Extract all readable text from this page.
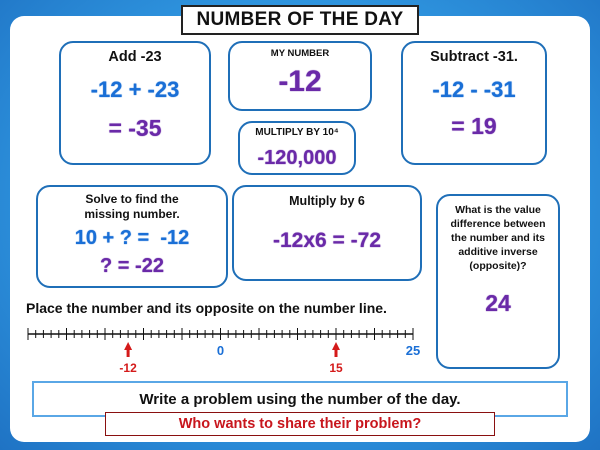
NUMBER OF THE DAY
Add -23
-12 + -23
= -35
MY NUMBER
-12
MULTIPLY BY 10⁴
-120,000
Subtract -31.
-12 - -31
= 19
Solve to find the
missing number.
10 + ? =  -12
? = -22
Multiply by 6
-12x6 = -72
What is the value
difference between
the number and its
additive inverse
(opposite)?
24
Place the number and its opposite on the number line.
0	25
-12	15
Write a problem using the number of the day.
Who wants to share their problem?
